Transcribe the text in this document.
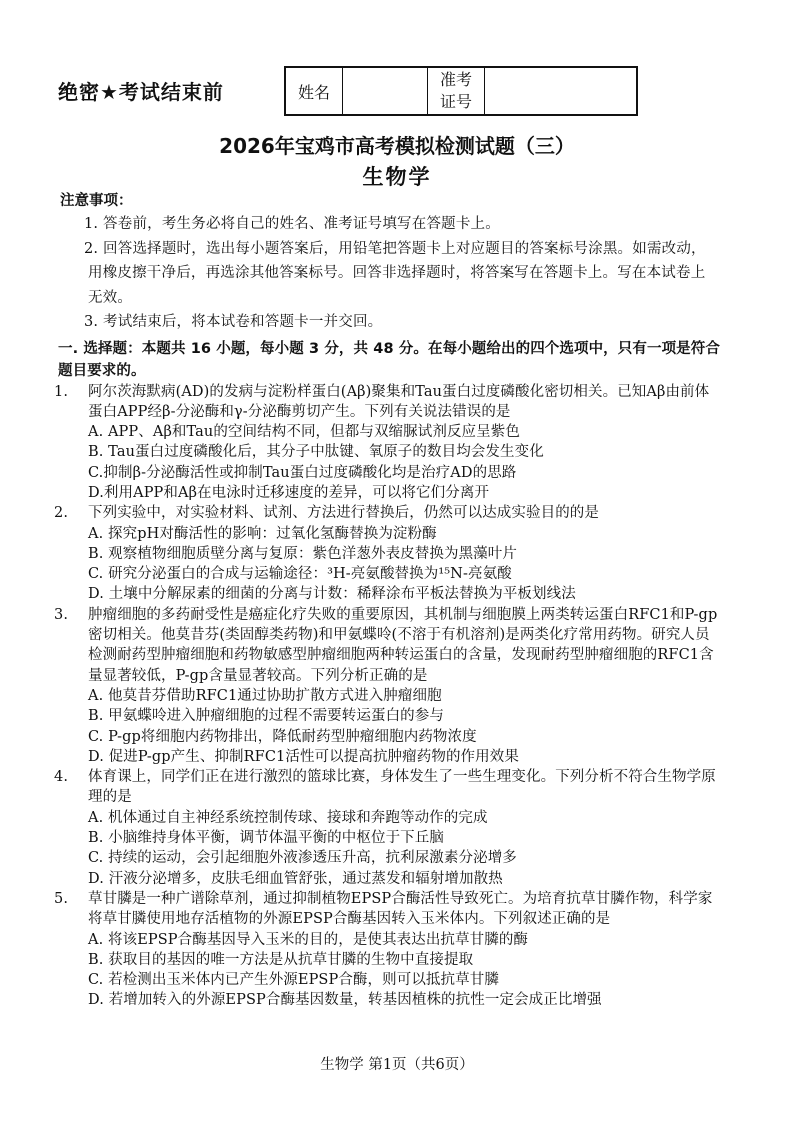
绝密★考试结束前	姓名		
准考
证号

2026年宝鸡市高考模拟检测试题（三）
生物学
注意事项：
1. 答卷前，考生务必将自己的姓名、准考证号填写在答题卡上。
2. 回答选择题时，选出每小题答案后，用铅笔把答题卡上对应题目的答案标号涂黑。如需改动，用橡皮擦干净后，再选涂其他答案标号。回答非选择题时，将答案写在答题卡上。写在本试卷上无效。
3. 考试结束后，将本试卷和答题卡一并交回。
一. 选择题：本题共 16 小题，每小题 3 分，共 48 分。在每小题给出的四个选项中，只有一项是符合题目要求的。
1. 阿尔茨海默病(AD)的发病与淀粉样蛋白(Aβ)聚集和Tau蛋白过度磷酸化密切相关。已知Aβ由前体蛋白APP经β-分泌酶和γ-分泌酶剪切产生。下列有关说法错误的是
A. APP、Aβ和Tau的空间结构不同，但都与双缩脲试剂反应呈紫色
B. Tau蛋白过度磷酸化后，其分子中肽键、氧原子的数目均会发生变化
C.抑制β-分泌酶活性或抑制Tau蛋白过度磷酸化均是治疗AD的思路
D.利用APP和Aβ在电泳时迁移速度的差异，可以将它们分离开
2. 下列实验中，对实验材料、试剂、方法进行替换后，仍然可以达成实验目的的是
A. 探究pH对酶活性的影响：过氧化氢酶替换为淀粉酶
B. 观察植物细胞质壁分离与复原：紫色洋葱外表皮替换为黑藻叶片
C. 研究分泌蛋白的合成与运输途径：³H-亮氨酸替换为¹⁵N-亮氨酸
D. 土壤中分解尿素的细菌的分离与计数：稀释涂布平板法替换为平板划线法
3. 肿瘤细胞的多药耐受性是癌症化疗失败的重要原因，其机制与细胞膜上两类转运蛋白RFC1和P-gp密切相关。他莫昔芬(类固醇类药物)和甲氨蝶呤(不溶于有机溶剂)是两类化疗常用药物。研究人员检测耐药型肿瘤细胞和药物敏感型肿瘤细胞两种转运蛋白的含量，发现耐药型肿瘤细胞的RFC1含量显著较低，P-gp含量显著较高。下列分析正确的是
A. 他莫昔芬借助RFC1通过协助扩散方式进入肿瘤细胞
B. 甲氨蝶呤进入肿瘤细胞的过程不需要转运蛋白的参与
C. P-gp将细胞内药物排出，降低耐药型肿瘤细胞内药物浓度
D. 促进P-gp产生、抑制RFC1活性可以提高抗肿瘤药物的作用效果
4. 体育课上，同学们正在进行激烈的篮球比赛，身体发生了一些生理变化。下列分析不符合生物学原理的是
A. 机体通过自主神经系统控制传球、接球和奔跑等动作的完成
B. 小脑维持身体平衡，调节体温平衡的中枢位于下丘脑
C. 持续的运动，会引起细胞外液渗透压升高，抗利尿激素分泌增多
D. 汗液分泌增多，皮肤毛细血管舒张，通过蒸发和辐射增加散热
5. 草甘膦是一种广谱除草剂，通过抑制植物EPSP合酶活性导致死亡。为培育抗草甘膦作物，科学家将草甘膦使用地存活植物的外源EPSP合酶基因转入玉米体内。下列叙述正确的是
A. 将该EPSP合酶基因导入玉米的目的，是使其表达出抗草甘膦的酶
B. 获取目的基因的唯一方法是从抗草甘膦的生物中直接提取
C. 若检测出玉米体内已产生外源EPSP合酶，则可以抵抗草甘膦
D. 若增加转入的外源EPSP合酶基因数量，转基因植株的抗性一定会成正比增强
生物学 第1页（共6页）
